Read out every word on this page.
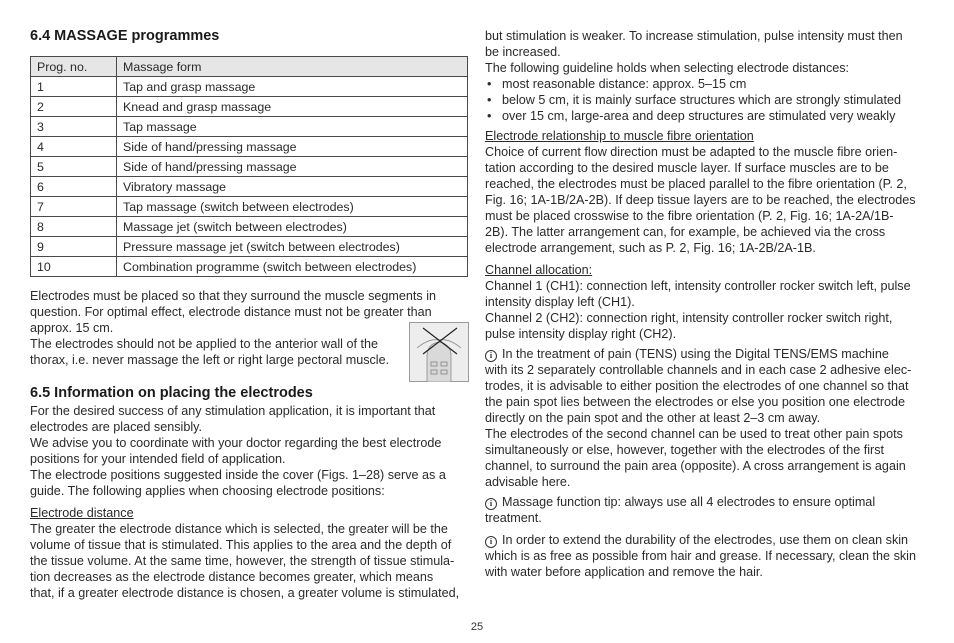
6.4 MASSAGE programmes
Prog. no.	Massage form
1	Tap and grasp massage
2	Knead and grasp massage
3	Tap massage
4	Side of hand/pressing massage
5	Side of hand/pressing massage
6	Vibratory massage
7	Tap massage (switch between electrodes)
8	Massage jet (switch between electrodes)
9	Pressure massage jet (switch between electrodes)
10	Combination programme (switch between electrodes)

Electrodes must be placed so that they surround the muscle segments in

question. For optimal effect, electrode distance must not be greater than

approx. 15 cm.

The electrodes should not be applied to the anterior wall of the

thorax, i.e. never massage the left or right large pectoral muscle.

6.5 Information on placing the electrodes

For the desired success of any stimulation application, it is important that

electrodes are placed sensibly.

We advise you to coordinate with your doctor regarding the best electrode

positions for your intended field of application.

The electrode positions suggested inside the cover (Figs. 1–28) serve as a

guide. The following applies when choosing electrode positions:

Electrode distance

The greater the electrode distance which is selected, the greater will be the

volume of tissue that is stimulated. This applies to the area and the depth of

the tissue volume. At the same time, however, the strength of tissue stimula-

tion decreases as the electrode distance becomes greater, which means

that, if a greater electrode distance is chosen, a greater volume is stimulated,

but stimulation is weaker. To increase stimulation, pulse intensity must then

be increased.

The following guideline holds when selecting electrode distances:

• most reasonable distance: approx. 5–15 cm
• below 5 cm, it is mainly surface structures which are strongly stimulated
• over 15 cm, large-area and deep structures are stimulated very weakly

Electrode relationship to muscle fibre orientation

Choice of current flow direction must be adapted to the muscle fibre orien-

tation according to the desired muscle layer. If surface muscles are to be

reached, the electrodes must be placed parallel to the fibre orientation (P. 2,

Fig. 16; 1A-1B/2A-2B). If deep tissue layers are to be reached, the electrodes

must be placed crosswise to the fibre orientation (P. 2, Fig. 16; 1A-2A/1B-

2B). The latter arrangement can, for example, be achieved via the cross

electrode arrangement, such as P. 2, Fig. 16; 1A-2B/2A-1B.

Channel allocation:

Channel 1 (CH1): connection left, intensity controller rocker switch left, pulse

intensity display left (CH1).

Channel 2 (CH2): connection right, intensity controller rocker switch right,

pulse intensity display right (CH2).

i In the treatment of pain (TENS) using the Digital TENS/EMS machine

with its 2 separately controllable channels and in each case 2 adhesive elec-

trodes, it is advisable to either position the electrodes of one channel so that

the pain spot lies between the electrodes or else you position one electrode

directly on the pain spot and the other at least 2–3 cm away.

The electrodes of the second channel can be used to treat other pain spots

simultaneously or else, however, together with the electrodes of the first

channel, to surround the pain area (opposite). A cross arrangement is again

advisable here.

i Massage function tip: always use all 4 electrodes to ensure optimal

treatment.

i In order to extend the durability of the electrodes, use them on clean skin

which is as free as possible from hair and grease. If necessary, clean the skin

with water before application and remove the hair.

25
